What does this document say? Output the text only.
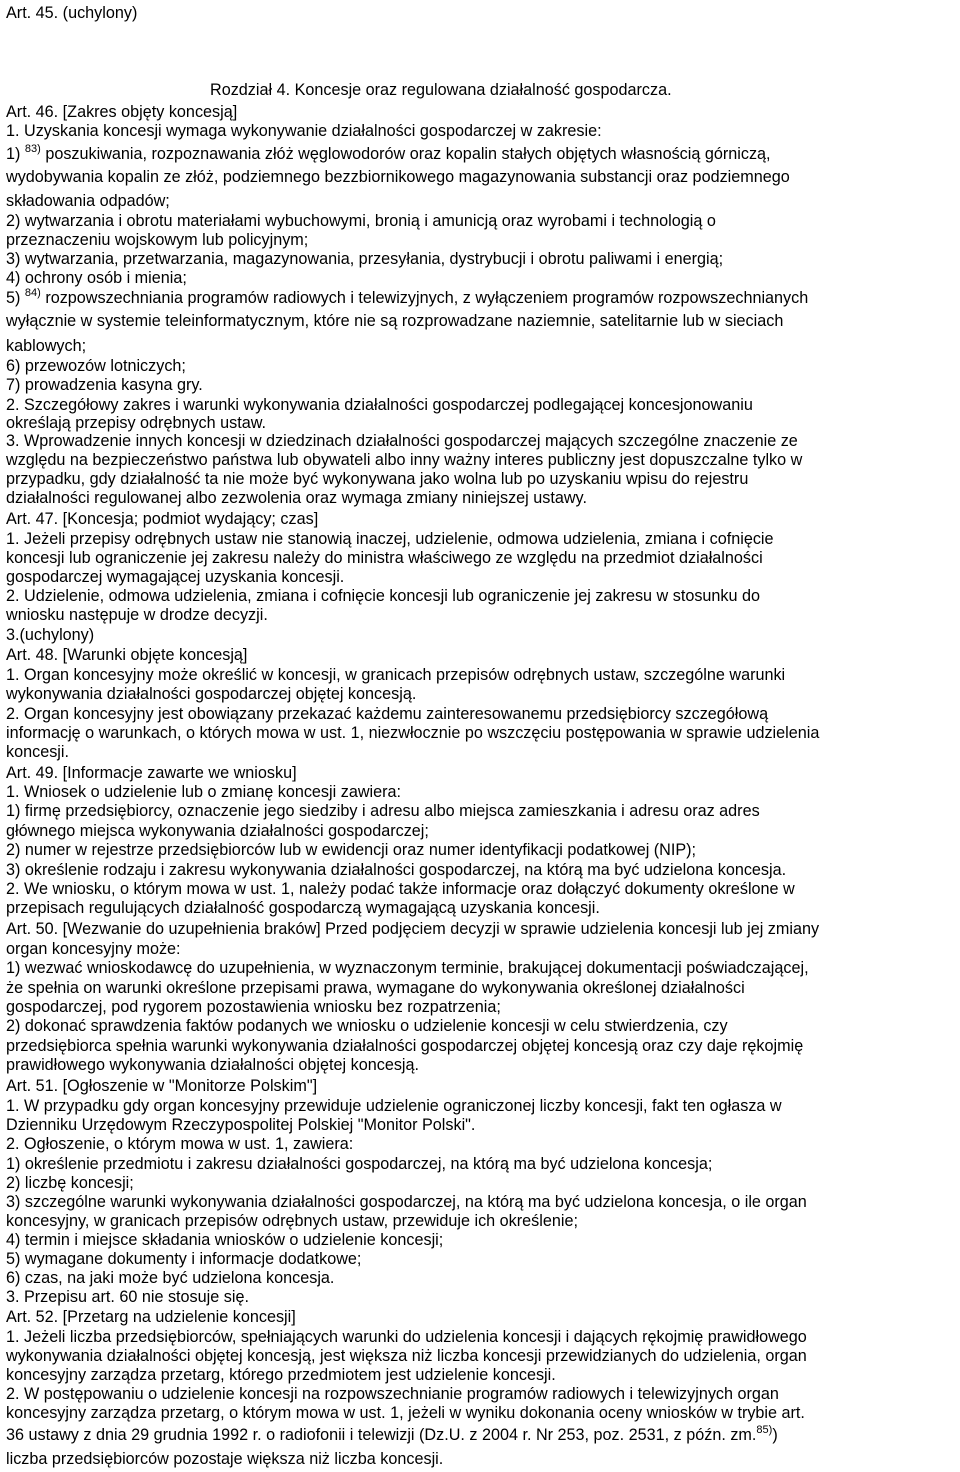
Art. 45. (uchylony)
Rozdział 4. Koncesje oraz regulowana działalność gospodarcza.
Art. 46. [Zakres objęty koncesją]
1. Uzyskania koncesji wymaga wykonywanie działalności gospodarczej w zakresie:
1) $^{83)}$ poszukiwania, rozpoznawania złóż węglowodorów oraz kopalin stałych objętych własnością górniczą,
wydobywania kopalin ze złóż, podziemnego bezzbiornikowego magazynowania substancji oraz podziemnego
składowania odpadów;
2) wytwarzania i obrotu materiałami wybuchowymi, bronią i amunicją oraz wyrobami i technologią o
przeznaczeniu wojskowym lub policyjnym;
3) wytwarzania, przetwarzania, magazynowania, przesyłania, dystrybucji i obrotu paliwami i energią;
4) ochrony osób i mienia;
5) $^{84)}$ rozpowszechniania programów radiowych i telewizyjnych, z wyłączeniem programów rozpowszechnianych
wyłącznie w systemie teleinformatycznym, które nie są rozprowadzane naziemnie, satelitarnie lub w sieciach
kablowych;
6) przewozów lotniczych;
7) prowadzenia kasyna gry.
2. Szczegółowy zakres i warunki wykonywania działalności gospodarczej podlegającej koncesjonowaniu
określają przepisy odrębnych ustaw.
3. Wprowadzenie innych koncesji w dziedzinach działalności gospodarczej mających szczególne znaczenie ze
względu na bezpieczeństwo państwa lub obywateli albo inny ważny interes publiczny jest dopuszczalne tylko w
przypadku, gdy działalność ta nie może być wykonywana jako wolna lub po uzyskaniu wpisu do rejestru
działalności regulowanej albo zezwolenia oraz wymaga zmiany niniejszej ustawy.
Art. 47. [Koncesja; podmiot wydający; czas]
1. Jeżeli przepisy odrębnych ustaw nie stanowią inaczej, udzielenie, odmowa udzielenia, zmiana i cofnięcie
koncesji lub ograniczenie jej zakresu należy do ministra właściwego ze względu na przedmiot działalności
gospodarczej wymagającej uzyskania koncesji.
2. Udzielenie, odmowa udzielenia, zmiana i cofnięcie koncesji lub ograniczenie jej zakresu w stosunku do
wniosku następuje w drodze decyzji.
3.(uchylony)
Art. 48. [Warunki objęte koncesją]
1. Organ koncesyjny może określić w koncesji, w granicach przepisów odrębnych ustaw, szczególne warunki
wykonywania działalności gospodarczej objętej koncesją.
2. Organ koncesyjny jest obowiązany przekazać każdemu zainteresowanemu przedsiębiorcy szczegółową
informację o warunkach, o których mowa w ust. 1, niezwłocznie po wszczęciu postępowania w sprawie udzielenia
koncesji.
Art. 49. [Informacje zawarte we wniosku]
1. Wniosek o udzielenie lub o zmianę koncesji zawiera:
1) firmę przedsiębiorcy, oznaczenie jego siedziby i adresu albo miejsca zamieszkania i adresu oraz adres
głównego miejsca wykonywania działalności gospodarczej;
2) numer w rejestrze przedsiębiorców lub w ewidencji oraz numer identyfikacji podatkowej (NIP);
3) określenie rodzaju i zakresu wykonywania działalności gospodarczej, na którą ma być udzielona koncesja.
2. We wniosku, o którym mowa w ust. 1, należy podać także informacje oraz dołączyć dokumenty określone w
przepisach regulujących działalność gospodarczą wymagającą uzyskania koncesji.
Art. 50. [Wezwanie do uzupełnienia braków] Przed podjęciem decyzji w sprawie udzielenia koncesji lub jej zmiany
organ koncesyjny może:
1) wezwać wnioskodawcę do uzupełnienia, w wyznaczonym terminie, brakującej dokumentacji poświadczającej,
że spełnia on warunki określone przepisami prawa, wymagane do wykonywania określonej działalności
gospodarczej, pod rygorem pozostawienia wniosku bez rozpatrzenia;
2) dokonać sprawdzenia faktów podanych we wniosku o udzielenie koncesji w celu stwierdzenia, czy
przedsiębiorca spełnia warunki wykonywania działalności gospodarczej objętej koncesją oraz czy daje rękojmię
prawidłowego wykonywania działalności objętej koncesją.
Art. 51. [Ogłoszenie w "Monitorze Polskim"]
1. W przypadku gdy organ koncesyjny przewiduje udzielenie ograniczonej liczby koncesji, fakt ten ogłasza w
Dzienniku Urzędowym Rzeczypospolitej Polskiej "Monitor Polski".
2. Ogłoszenie, o którym mowa w ust. 1, zawiera:
1) określenie przedmiotu i zakresu działalności gospodarczej, na którą ma być udzielona koncesja;
2) liczbę koncesji;
3) szczególne warunki wykonywania działalności gospodarczej, na którą ma być udzielona koncesja, o ile organ
koncesyjny, w granicach przepisów odrębnych ustaw, przewiduje ich określenie;
4) termin i miejsce składania wniosków o udzielenie koncesji;
5) wymagane dokumenty i informacje dodatkowe;
6) czas, na jaki może być udzielona koncesja.
3. Przepisu art. 60 nie stosuje się.
Art. 52. [Przetarg na udzielenie koncesji]
1. Jeżeli liczba przedsiębiorców, spełniających warunki do udzielenia koncesji i dających rękojmię prawidłowego
wykonywania działalności objętej koncesją, jest większa niż liczba koncesji przewidzianych do udzielenia, organ
koncesyjny zarządza przetarg, którego przedmiotem jest udzielenie koncesji.
2. W postępowaniu o udzielenie koncesji na rozpowszechnianie programów radiowych i telewizyjnych organ
koncesyjny zarządza przetarg, o którym mowa w ust. 1, jeżeli w wyniku dokonania oceny wniosków w trybie art.
36 ustawy z dnia 29 grudnia 1992 r. o radiofonii i telewizji (Dz.U. z 2004 r. Nr 253, poz. 2531, z późn. zm.$^{85)}$)
liczba przedsiębiorców pozostaje większa niż liczba koncesji.
